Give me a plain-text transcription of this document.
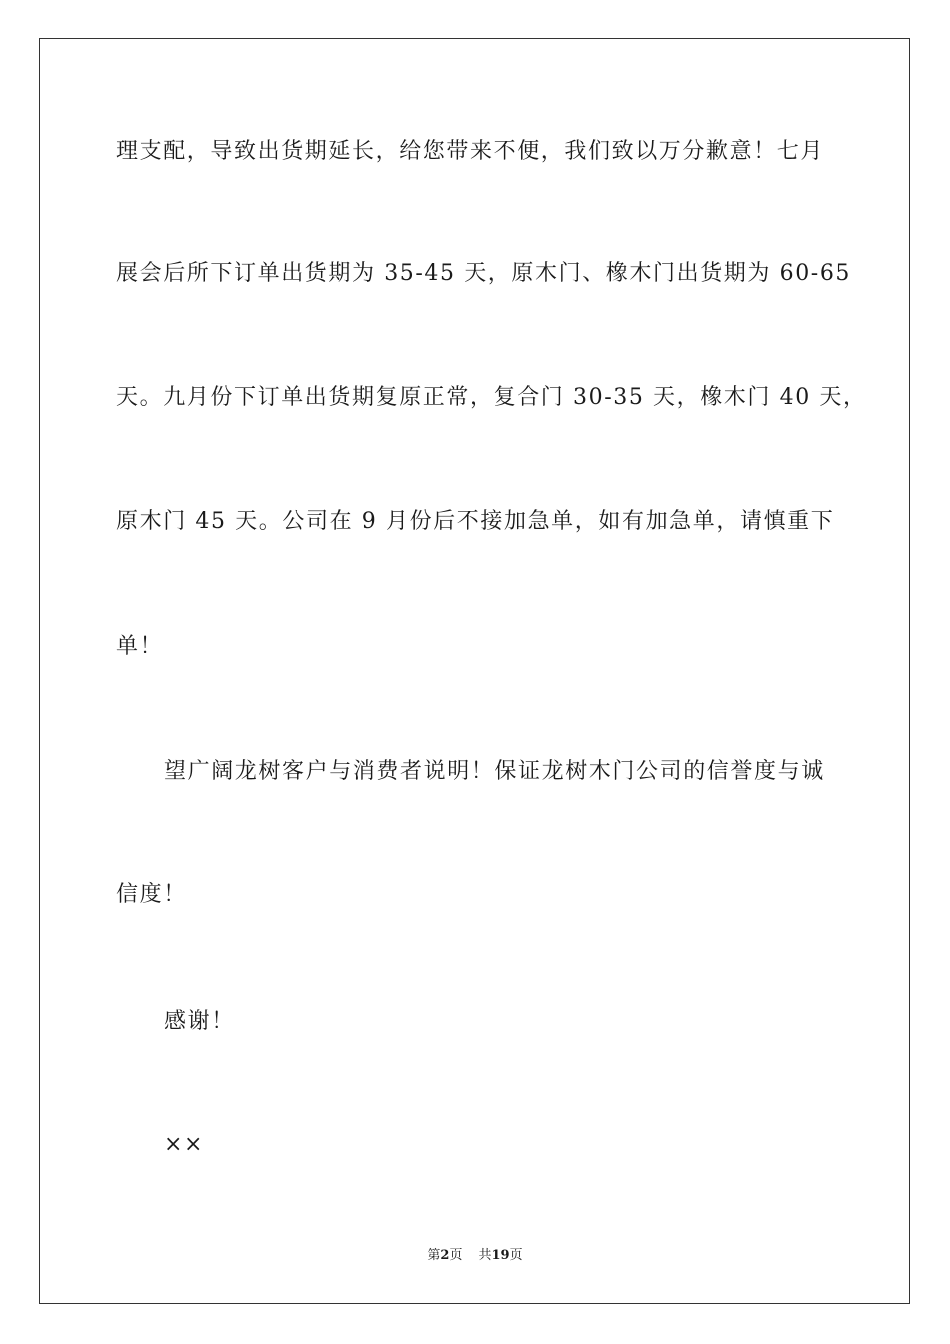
理支配，导致出货期延长，给您带来不便，我们致以万分歉意！七月
展会后所下订单出货期为 35-45 天，原木门、橡木门出货期为 60-65
天。九月份下订单出货期复原正常，复合门 30-35 天，橡木门 40 天，
原木门 45 天。公司在 9 月份后不接加急单，如有加急单，请慎重下
单！
望广阔龙树客户与消费者说明！保证龙树木门公司的信誉度与诚
信度！
感谢！
××
第2页 共19页
